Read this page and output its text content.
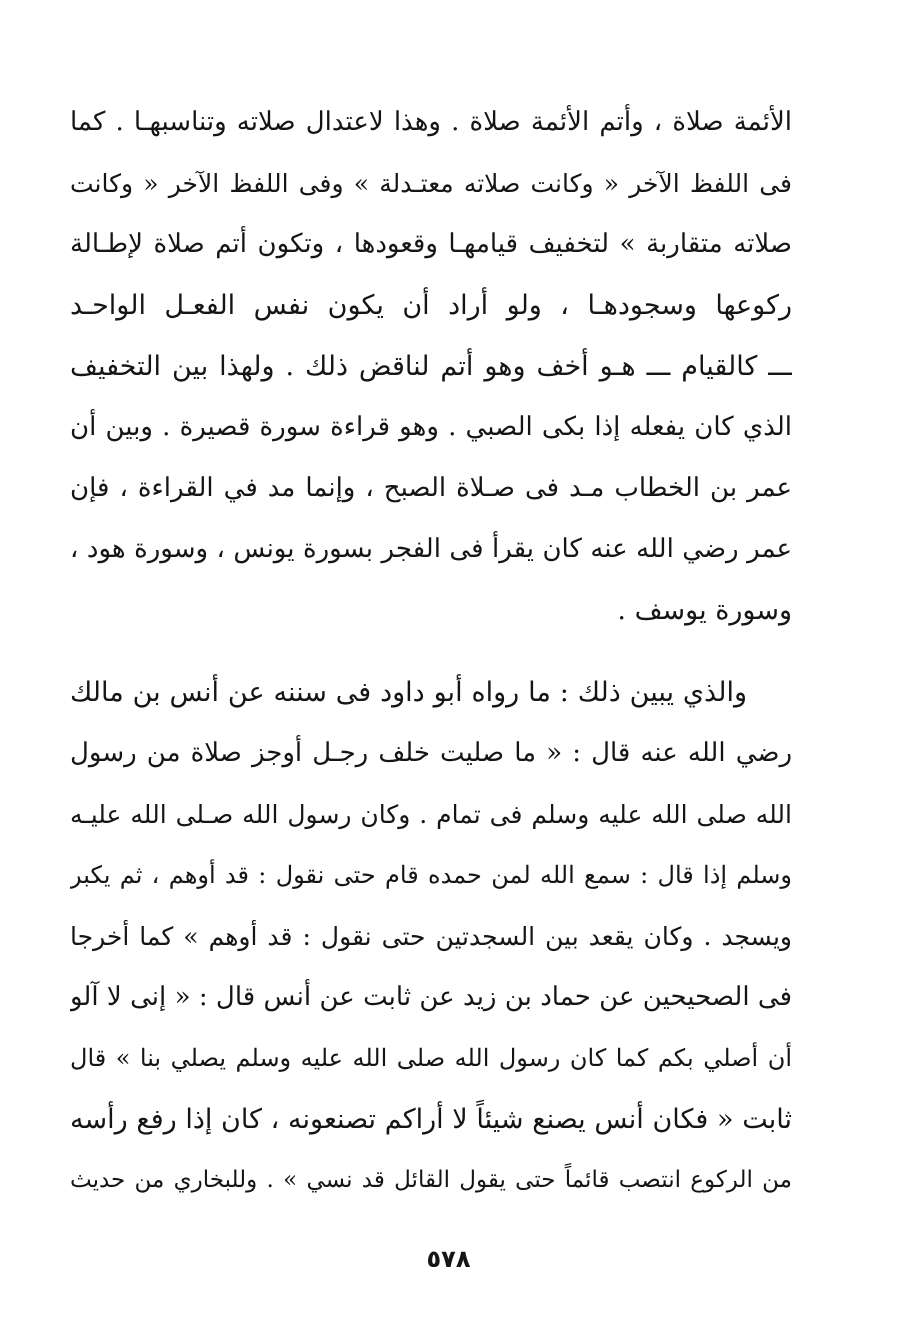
الأئمة صلاة ، وأتم الأئمة صلاة . وهذا لاعتدال صلاته وتناسبهـا . كما
فى اللفظ الآخر « وكانت صلاته معتـدلة » وفى اللفظ الآخر « وكانت
صلاته متقاربة » لتخفيف قيامهـا وقعودها ، وتكون أتم صلاة لإطـالة
ركوعها وسجودهـا ، ولو أراد أن يكون نفس الفعـل الواحـد
ـــ كالقيام ـــ هـو أخف وهو أتم لناقض ذلك . ولهذا بين التخفيف
الذي كان يفعله إذا بكى الصبي . وهو قراءة سورة قصيرة . وبين أن
عمر بن الخطاب مـد فى صـلاة الصبح ، وإنما مد في القراءة ، فإن
عمر رضي الله عنه كان يقرأ فى الفجر بسورة يونس ، وسورة هود ،
وسورة يوسف .
والذي يبين ذلك : ما رواه أبو داود فى سننه عن أنس بن مالك
رضي الله عنه قال : « ما صليت خلف رجـل أوجز صلاة من رسول
الله صلى الله عليه وسلم فى تمام . وكان رسول الله صـلى الله عليـه
وسلم إذا قال : سمع الله لمن حمده قام حتى نقول : قد أوهم ، ثم يكبر
ويسجد . وكان يقعد بين السجدتين حتى نقول : قد أوهم » كما أخرجا
فى الصحيحين عن حماد بن زيد عن ثابت عن أنس قال : « إنى لا آلو
أن أصلي بكم كما كان رسول الله صلى الله عليه وسلم يصلي بنا » قال
ثابت « فكان أنس يصنع شيئاً لا أراكم تصنعونه ، كان إذا رفع رأسه
من الركوع انتصب قائماً حتى يقول القائل قد نسي » . وللبخاري من حديث
٥٧٨
